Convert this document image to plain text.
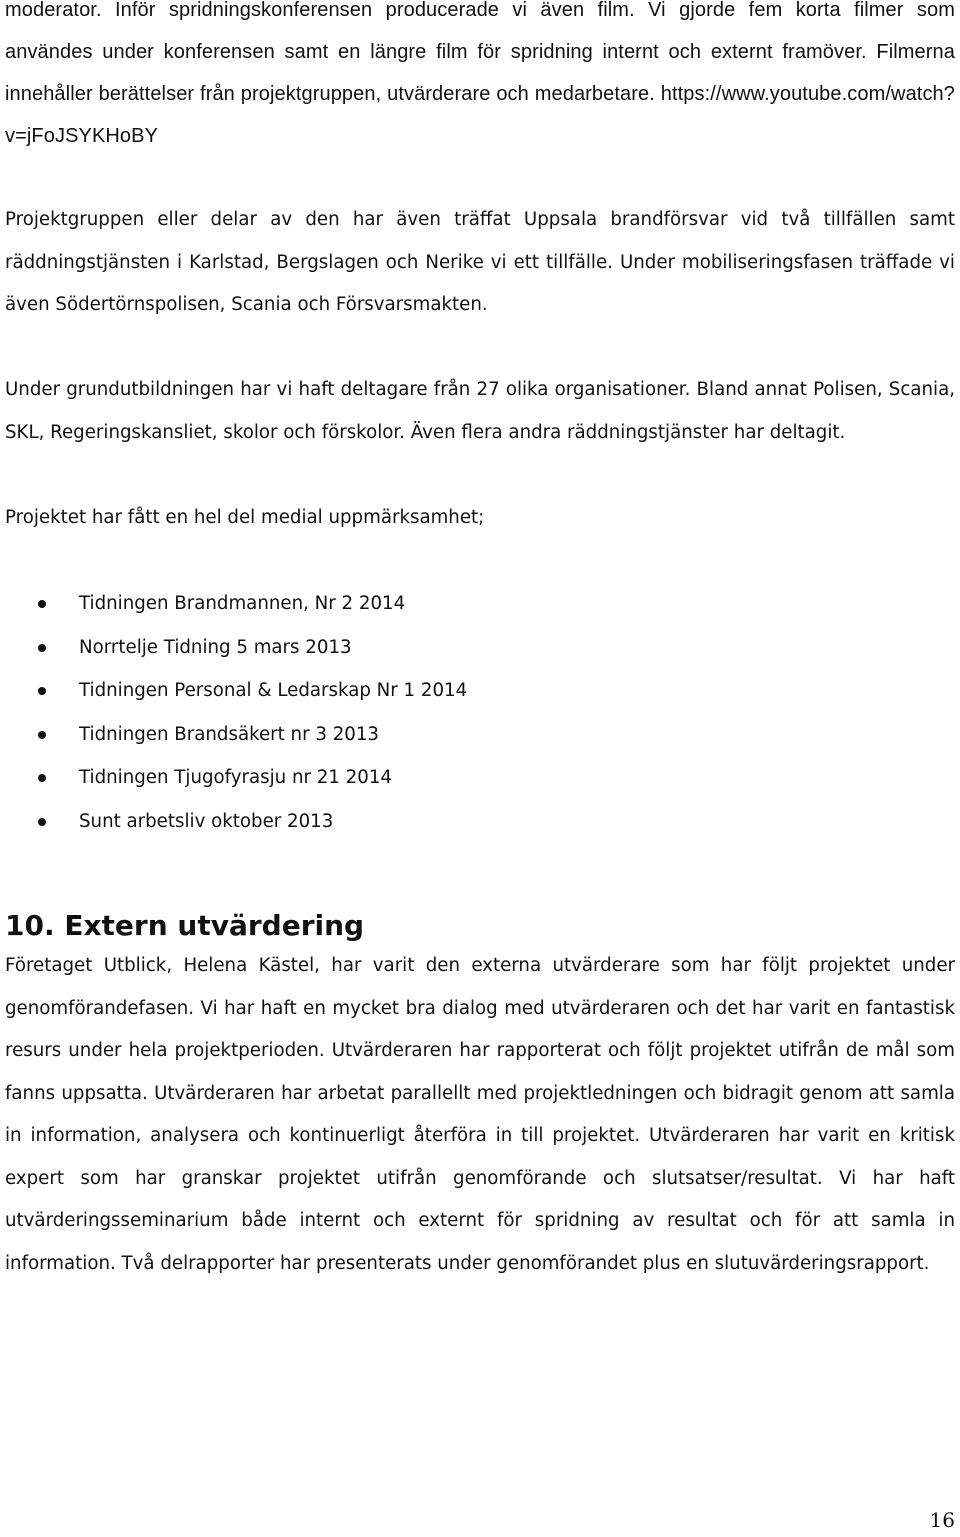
moderator. Inför spridningskonferensen producerade vi även film. Vi gjorde fem korta filmer som användes under konferensen samt en längre film för spridning internt och externt framöver. Filmerna innehåller berättelser från projektgruppen, utvärderare och medarbetare. https://www.youtube.com/watch?v=jFoJSYKHoBY

Projektgruppen eller delar av den har även träffat Uppsala brandförsvar vid två tillfällen samt räddningstjänsten i Karlstad, Bergslagen och Nerike vi ett tillfälle. Under mobiliseringsfasen träffade vi även Södertörnspolisen, Scania och Försvarsmakten.

Under grundutbildningen har vi haft deltagare från 27 olika organisationer. Bland annat Polisen, Scania, SKL, Regeringskansliet, skolor och förskolor. Även flera andra räddningstjänster har deltagit.

Projektet har fått en hel del medial uppmärksamhet;

Tidningen Brandmannen, Nr 2 2014
Norrtelje Tidning 5 mars 2013
Tidningen Personal & Ledarskap Nr 1 2014
Tidningen Brandsäkert nr 3 2013
Tidningen Tjugofyrasju nr 21 2014
Sunt arbetsliv oktober 2013
10. Extern utvärdering

Företaget Utblick, Helena Kästel, har varit den externa utvärderare som har följt projektet under genomförandefasen. Vi har haft en mycket bra dialog med utvärderaren och det har varit en fantastisk resurs under hela projektperioden. Utvärderaren har rapporterat och följt projektet utifrån de mål som fanns uppsatta. Utvärderaren har arbetat parallellt med projektledningen och bidragit genom att samla in information, analysera och kontinuerligt återföra in till projektet. Utvärderaren har varit en kritisk expert som har granskar projektet utifrån genomförande och slutsatser/resultat. Vi har haft utvärderingsseminarium både internt och externt för spridning av resultat och för att samla in information. Två delrapporter har presenterats under genomförandet plus en slutuvärderingsrapport.

16
